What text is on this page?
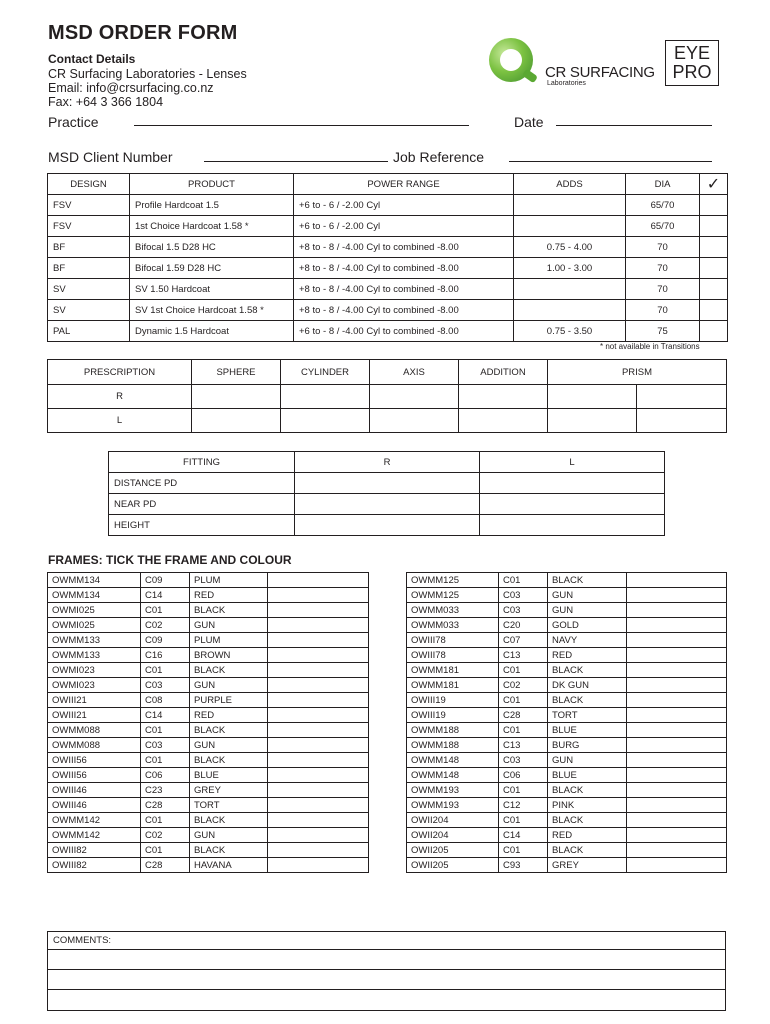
MSD ORDER FORM
Contact Details
CR Surfacing Laboratories - Lenses
Email: info@crsurfacing.co.nz
Fax: +64 3 366 1804
CR SURFACING
Laboratories
EYE
PRO
Practice	Date
MSD Client Number	Job Reference
DESIGN	PRODUCT	POWER RANGE	ADDS	DIA	✓
FSV	Profile Hardcoat 1.5	+6 to - 6 / -2.00 Cyl		65/70	
FSV	1st Choice Hardcoat 1.58 *	+6 to - 6 / -2.00 Cyl		65/70	
BF	Bifocal 1.5 D28 HC	+8 to - 8 / -4.00 Cyl to combined -8.00	0.75 - 4.00	70	
BF	Bifocal 1.59 D28 HC	+8 to - 8 / -4.00 Cyl to combined -8.00	1.00 - 3.00	70	
SV	SV 1.50 Hardcoat	+8 to - 8 / -4.00 Cyl to combined -8.00		70	
SV	SV 1st Choice Hardcoat 1.58 *	+8 to - 8 / -4.00 Cyl to combined -8.00		70	
PAL	Dynamic 1.5 Hardcoat	+6 to - 8 / -4.00 Cyl to combined -8.00	0.75 - 3.50	75	
* not available in Transitions
PRESCRIPTION	SPHERE	CYLINDER	AXIS	ADDITION	PRISM	
R						
L						
FITTING	R	L
DISTANCE PD		
NEAR PD		
HEIGHT		
FRAMES: TICK THE FRAME AND COLOUR
OWMM134	C09	PLUM	
OWMM134	C14	RED	
OWMI025	C01	BLACK	
OWMI025	C02	GUN	
OWMM133	C09	PLUM	
OWMM133	C16	BROWN	
OWMI023	C01	BLACK	
OWMI023	C03	GUN	
OWIII21	C08	PURPLE	
OWIII21	C14	RED	
OWMM088	C01	BLACK	
OWMM088	C03	GUN	
OWIII56	C01	BLACK	
OWIII56	C06	BLUE	
OWIII46	C23	GREY	
OWIII46	C28	TORT	
OWMM142	C01	BLACK	
OWMM142	C02	GUN	
OWIII82	C01	BLACK	
OWIII82	C28	HAVANA	
OWMM125	C01	BLACK	
OWMM125	C03	GUN	
OWMM033	C03	GUN	
OWMM033	C20	GOLD	
OWIII78	C07	NAVY	
OWIII78	C13	RED	
OWMM181	C01	BLACK	
OWMM181	C02	DK GUN	
OWIII19	C01	BLACK	
OWIII19	C28	TORT	
OWMM188	C01	BLUE	
OWMM188	C13	BURG	
OWMM148	C03	GUN	
OWMM148	C06	BLUE	
OWMM193	C01	BLACK	
OWMM193	C12	PINK	
OWII204	C01	BLACK	
OWII204	C14	RED	
OWII205	C01	BLACK	
OWII205	C93	GREY	
COMMENTS:
